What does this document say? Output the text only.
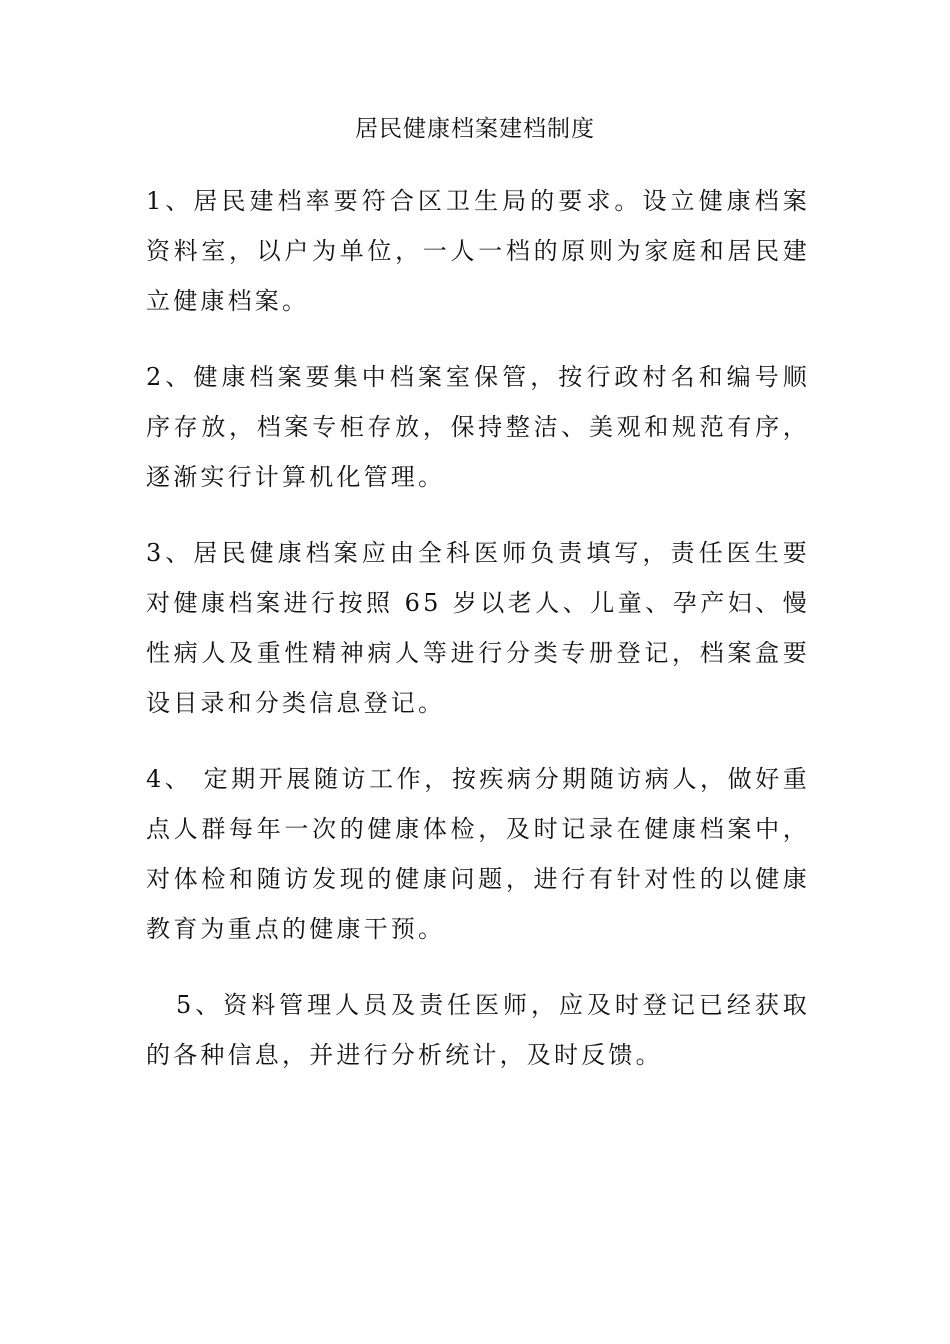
居民健康档案建档制度

1、居民建档率要符合区卫生局的要求。设立健康档案资料室，以户为单位，一人一档的原则为家庭和居民建立健康档案。

2、健康档案要集中档案室保管，按行政村名和编号顺序存放，档案专柜存放，保持整洁、美观和规范有序，逐渐实行计算机化管理。

3、居民健康档案应由全科医师负责填写，责任医生要对健康档案进行按照 65 岁以老人、儿童、孕产妇、慢性病人及重性精神病人等进行分类专册登记，档案盒要设目录和分类信息登记。

4、 定期开展随访工作，按疾病分期随访病人，做好重点人群每年一次的健康体检，及时记录在健康档案中，对体检和随访发现的健康问题，进行有针对性的以健康教育为重点的健康干预。

5、资料管理人员及责任医师，应及时登记已经获取的各种信息，并进行分析统计，及时反馈。
